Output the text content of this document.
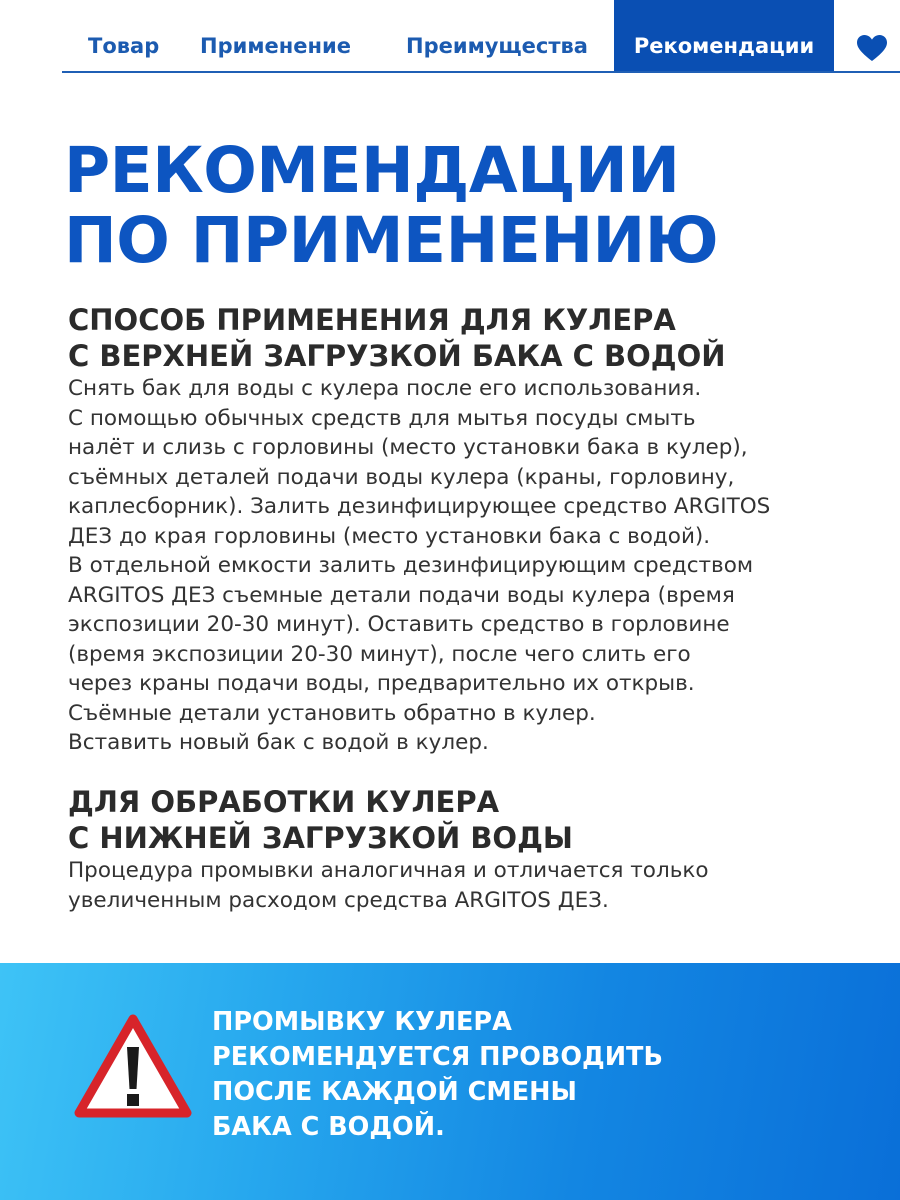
Товар Применение	Преимущества	Рекомендации
РЕКОМЕНДАЦИИ
ПО ПРИМЕНЕНИЮ
СПОСОБ ПРИМЕНЕНИЯ ДЛЯ КУЛЕРА
С ВЕРХНЕЙ ЗАГРУЗКОЙ БАКА С ВОДОЙ
Снять бак для воды с кулера после его использования.
С помощью обычных средств для мытья посуды смыть
налёт и слизь с горловины (место установки бака в кулер),
съёмных деталей подачи воды кулера (краны, горловину,
каплесборник). Залить дезинфицирующее средство ARGITOS
ДЕЗ до края горловины (место установки бака с водой).
В отдельной емкости залить дезинфицирующим средством
ARGITOS ДЕЗ съемные детали подачи воды кулера (время
экспозиции 20-30 минут). Оставить средство в горловине
(время экспозиции 20-30 минут), после чего слить его
через краны подачи воды, предварительно их открыв.
Съёмные детали установить обратно в кулер.
Вставить новый бак с водой в кулер.
ДЛЯ ОБРАБОТКИ КУЛЕРА
С НИЖНЕЙ ЗАГРУЗКОЙ ВОДЫ
Процедура промывки аналогичная и отличается только
увеличенным расходом средства ARGITOS ДЕЗ.
ПРОМЫВКУ КУЛЕРА
РЕКОМЕНДУЕТСЯ ПРОВОДИТЬ
ПОСЛЕ КАЖДОЙ СМЕНЫ
БАКА С ВОДОЙ.
